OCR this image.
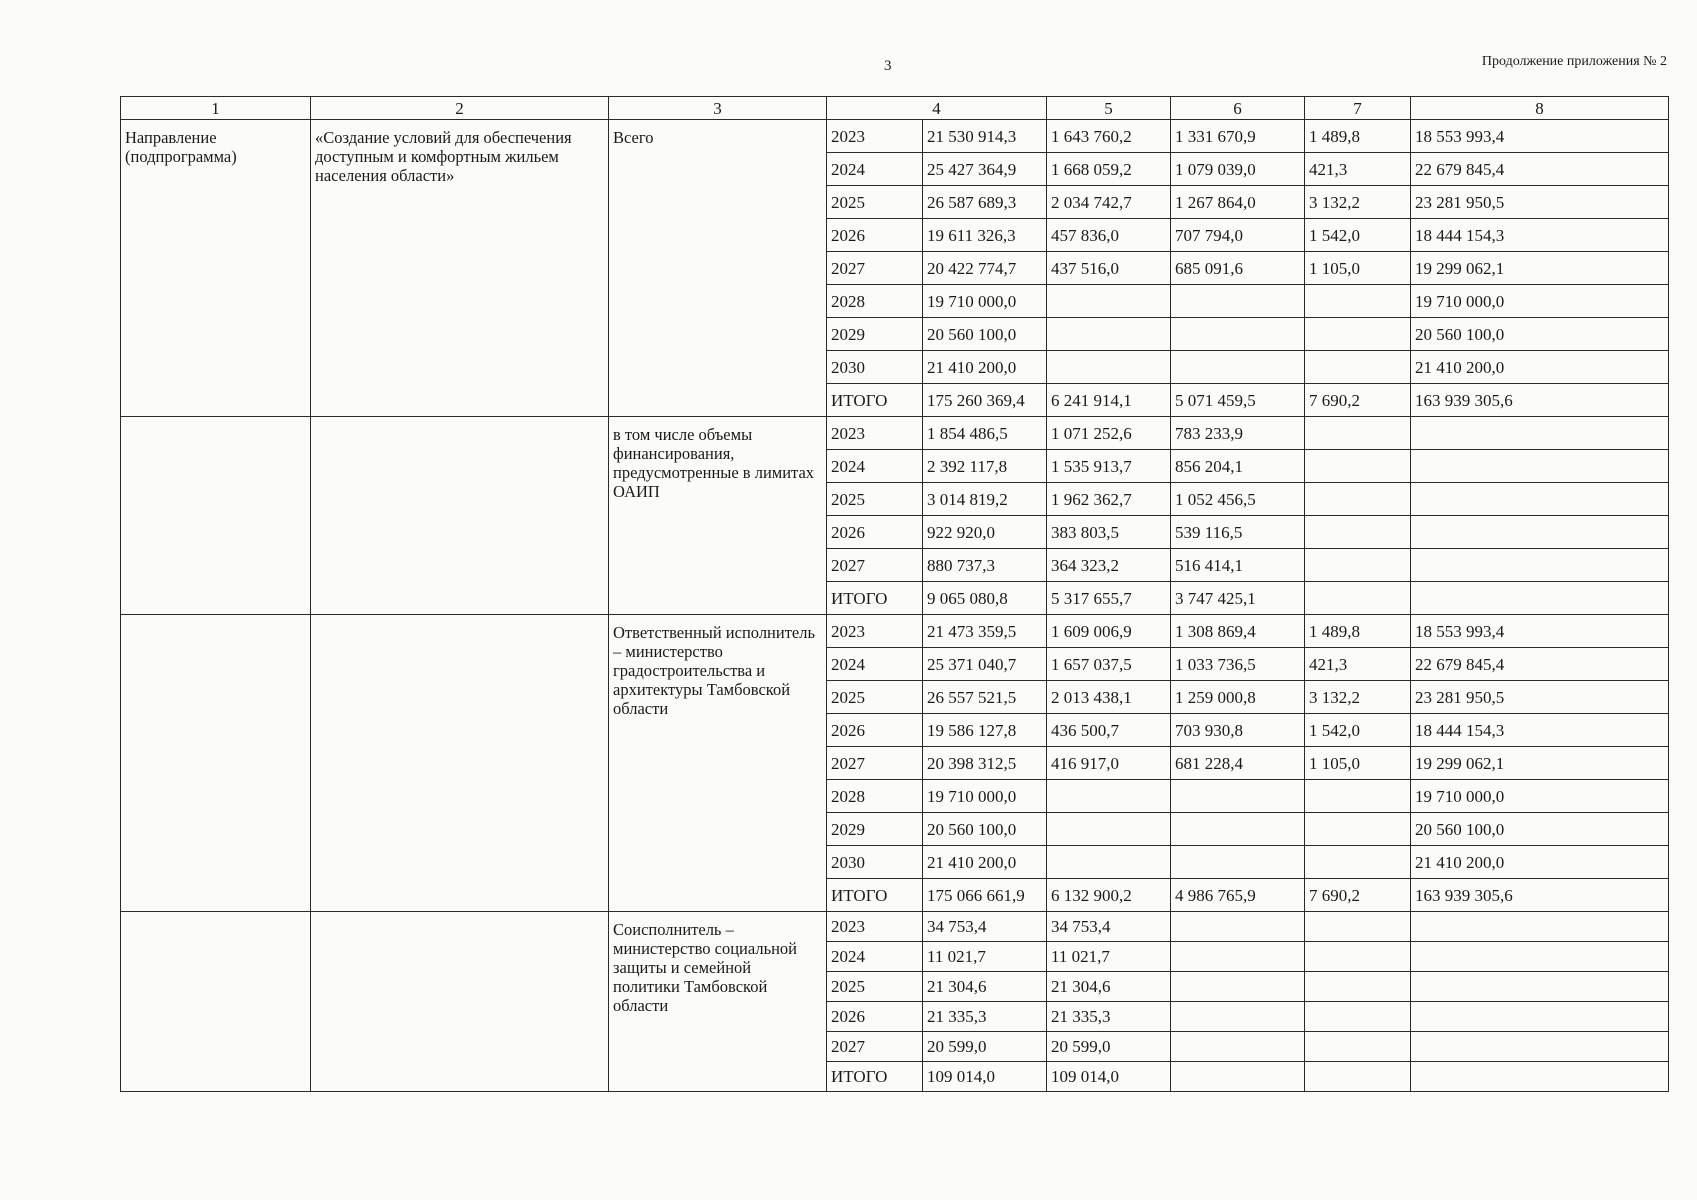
3	Продолжение приложения № 2
1	2	3	4		5	6	7	8
Направление (подпрограмма)	«Создание условий для обеспечения доступным и комфортным жильем населения области»	Всего	2023	21 530 914,3	1 643 760,2	1 331 670,9	1 489,8	18 553 993,4
			2024	25 427 364,9	1 668 059,2	1 079 039,0	421,3	22 679 845,4
			2025	26 587 689,3	2 034 742,7	1 267 864,0	3 132,2	23 281 950,5
			2026	19 611 326,3	457 836,0	707 794,0	1 542,0	18 444 154,3
			2027	20 422 774,7	437 516,0	685 091,6	1 105,0	19 299 062,1
			2028	19 710 000,0				19 710 000,0
			2029	20 560 100,0				20 560 100,0
			2030	21 410 200,0				21 410 200,0
			ИТОГО	175 260 369,4	6 241 914,1	5 071 459,5	7 690,2	163 939 305,6
		в том числе объемы финансирования, предусмотренные в лимитах ОАИП	2023	1 854 486,5	1 071 252,6	783 233,9		
			2024	2 392 117,8	1 535 913,7	856 204,1		
			2025	3 014 819,2	1 962 362,7	1 052 456,5		
			2026	922 920,0	383 803,5	539 116,5		
			2027	880 737,3	364 323,2	516 414,1		
			ИТОГО	9 065 080,8	5 317 655,7	3 747 425,1		
		Ответственный исполнитель – министерство градостроительства и архитектуры Тамбовской области	2023	21 473 359,5	1 609 006,9	1 308 869,4	1 489,8	18 553 993,4
			2024	25 371 040,7	1 657 037,5	1 033 736,5	421,3	22 679 845,4
			2025	26 557 521,5	2 013 438,1	1 259 000,8	3 132,2	23 281 950,5
			2026	19 586 127,8	436 500,7	703 930,8	1 542,0	18 444 154,3
			2027	20 398 312,5	416 917,0	681 228,4	1 105,0	19 299 062,1
			2028	19 710 000,0				19 710 000,0
			2029	20 560 100,0				20 560 100,0
			2030	21 410 200,0				21 410 200,0
			ИТОГО	175 066 661,9	6 132 900,2	4 986 765,9	7 690,2	163 939 305,6
		Соисполнитель – министерство социальной защиты и семейной политики Тамбовской области	2023	34 753,4	34 753,4			
			2024	11 021,7	11 021,7			
			2025	21 304,6	21 304,6			
			2026	21 335,3	21 335,3			
			2027	20 599,0	20 599,0			
			ИТОГО	109 014,0	109 014,0			
